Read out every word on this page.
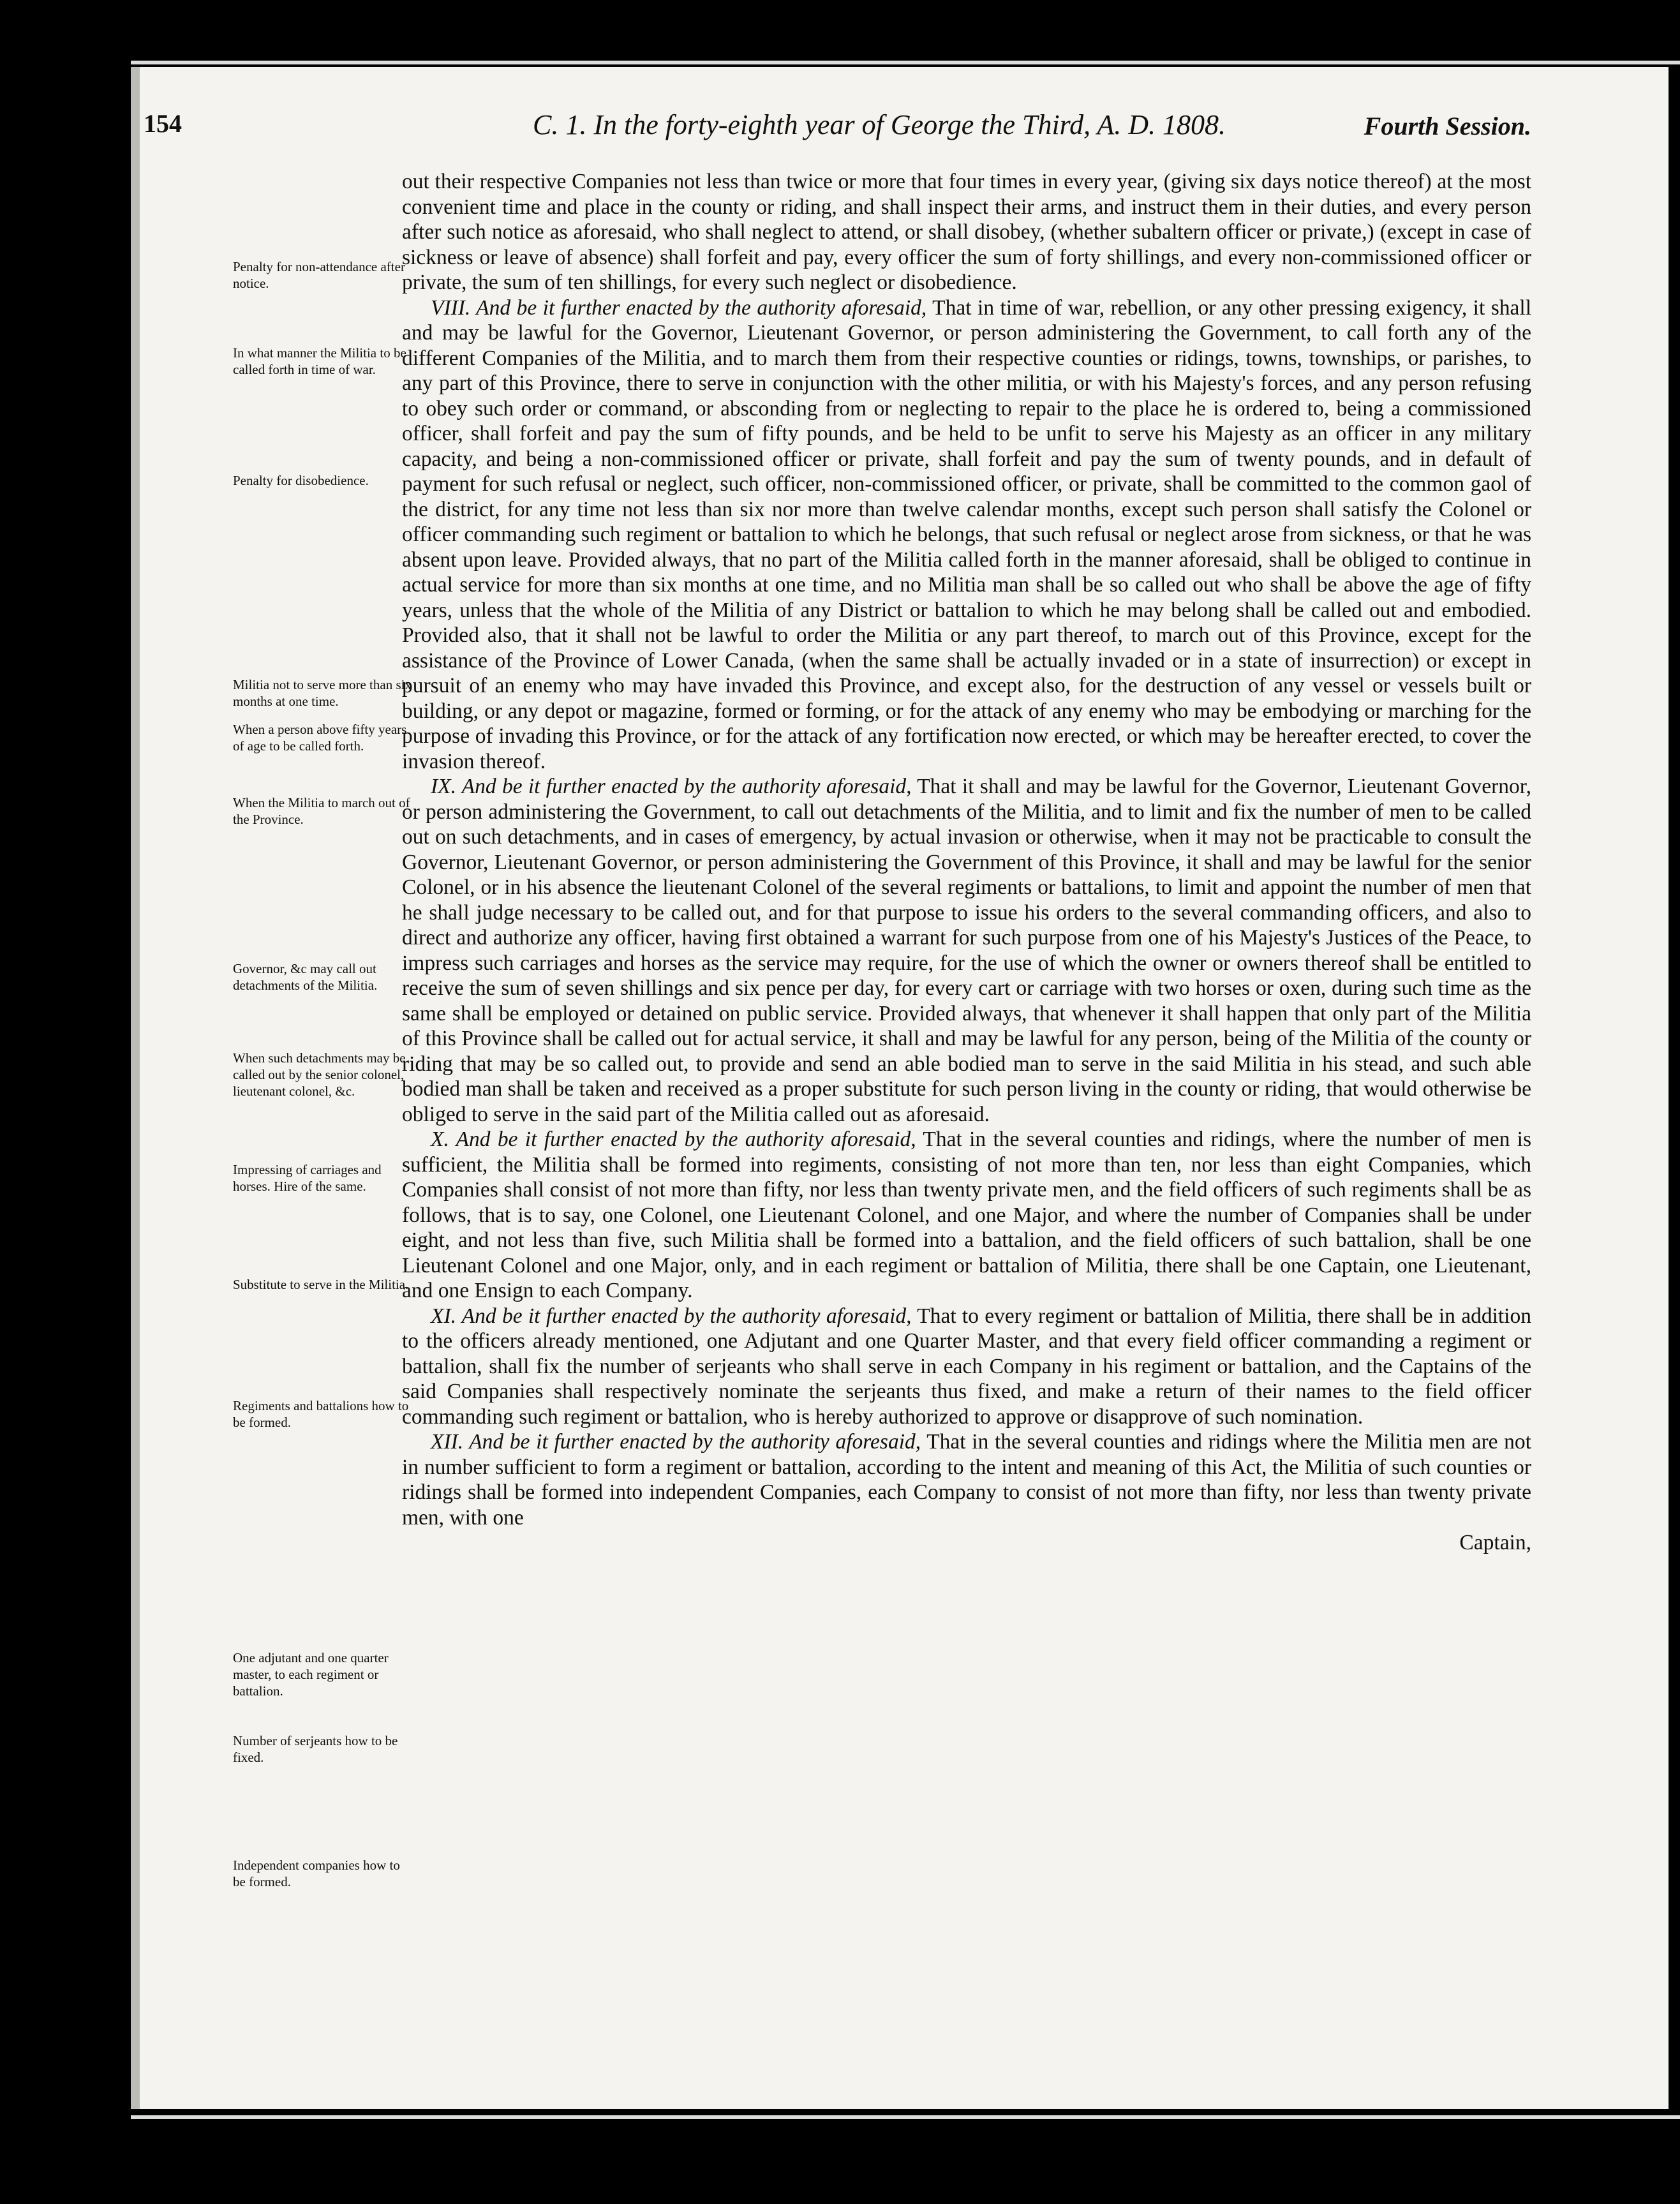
154	C. 1. In the forty-eighth year of George the Third, A. D. 1808.	Fourth Session.
Penalty for non-attendance after notice.
In what manner the Militia to be called forth in time of war.
Penalty for disobedience.
Militia not to serve more than six months at one time.
When a person above fifty years of age to be called forth.
When the Militia to march out of the Province.
Governor, &c may call out detachments of the Militia.
When such detachments may be called out by the senior colonel, lieutenant colonel, &c.
Impressing of carriages and horses. Hire of the same.
Substitute to serve in the Militia.
Regiments and battalions how to be formed.
One adjutant and one quarter master, to each regiment or battalion.
Number of serjeants how to be fixed.
Independent companies how to be formed.

out their respective Companies not less than twice or more that four times in every year, (giving six days notice thereof) at the most convenient time and place in the county or riding, and shall inspect their arms, and instruct them in their duties, and every person after such notice as aforesaid, who shall neglect to attend, or shall disobey, (whether subaltern officer or private,) (except in case of sickness or leave of absence) shall forfeit and pay, every officer the sum of forty shillings, and every non-commissioned officer or private, the sum of ten shillings, for every such neglect or disobedience.

VIII. And be it further enacted by the authority aforesaid, That in time of war, rebellion, or any other pressing exigency, it shall and may be lawful for the Governor, Lieutenant Governor, or person administering the Government, to call forth any of the different Companies of the Militia, and to march them from their respective counties or ridings, towns, townships, or parishes, to any part of this Province, there to serve in conjunction with the other militia, or with his Majesty's forces, and any person refusing to obey such order or command, or absconding from or neglecting to repair to the place he is ordered to, being a commissioned officer, shall forfeit and pay the sum of fifty pounds, and be held to be unfit to serve his Majesty as an officer in any military capacity, and being a non-commissioned officer or private, shall forfeit and pay the sum of twenty pounds, and in default of payment for such refusal or neglect, such officer, non-commissioned officer, or private, shall be committed to the common gaol of the district, for any time not less than six nor more than twelve calendar months, except such person shall satisfy the Colonel or officer commanding such regiment or battalion to which he belongs, that such refusal or neglect arose from sickness, or that he was absent upon leave. Provided always, that no part of the Militia called forth in the manner aforesaid, shall be obliged to continue in actual service for more than six months at one time, and no Militia man shall be so called out who shall be above the age of fifty years, unless that the whole of the Militia of any District or battalion to which he may belong shall be called out and embodied. Provided also, that it shall not be lawful to order the Militia or any part thereof, to march out of this Province, except for the assistance of the Province of Lower Canada, (when the same shall be actually invaded or in a state of insurrection) or except in pursuit of an enemy who may have invaded this Province, and except also, for the destruction of any vessel or vessels built or building, or any depot or magazine, formed or forming, or for the attack of any enemy who may be embodying or marching for the purpose of invading this Province, or for the attack of any fortification now erected, or which may be hereafter erected, to cover the invasion thereof.

IX. And be it further enacted by the authority aforesaid, That it shall and may be lawful for the Governor, Lieutenant Governor, or person administering the Government, to call out detachments of the Militia, and to limit and fix the number of men to be called out on such detachments, and in cases of emergency, by actual invasion or otherwise, when it may not be practicable to consult the Governor, Lieutenant Governor, or person administering the Government of this Province, it shall and may be lawful for the senior Colonel, or in his absence the lieutenant Colonel of the several regiments or battalions, to limit and appoint the number of men that he shall judge necessary to be called out, and for that purpose to issue his orders to the several commanding officers, and also to direct and authorize any officer, having first obtained a warrant for such purpose from one of his Majesty's Justices of the Peace, to impress such carriages and horses as the service may require, for the use of which the owner or owners thereof shall be entitled to receive the sum of seven shillings and six pence per day, for every cart or carriage with two horses or oxen, during such time as the same shall be employed or detained on public service. Provided always, that whenever it shall happen that only part of the Militia of this Province shall be called out for actual service, it shall and may be lawful for any person, being of the Militia of the county or riding that may be so called out, to provide and send an able bodied man to serve in the said Militia in his stead, and such able bodied man shall be taken and received as a proper substitute for such person living in the county or riding, that would otherwise be obliged to serve in the said part of the Militia called out as aforesaid.

X. And be it further enacted by the authority aforesaid, That in the several counties and ridings, where the number of men is sufficient, the Militia shall be formed into regiments, consisting of not more than ten, nor less than eight Companies, which Companies shall consist of not more than fifty, nor less than twenty private men, and the field officers of such regiments shall be as follows, that is to say, one Colonel, one Lieutenant Colonel, and one Major, and where the number of Companies shall be under eight, and not less than five, such Militia shall be formed into a battalion, and the field officers of such battalion, shall be one Lieutenant Colonel and one Major, only, and in each regiment or battalion of Militia, there shall be one Captain, one Lieutenant, and one Ensign to each Company.

XI. And be it further enacted by the authority aforesaid, That to every regiment or battalion of Militia, there shall be in addition to the officers already mentioned, one Adjutant and one Quarter Master, and that every field officer commanding a regiment or battalion, shall fix the number of serjeants who shall serve in each Company in his regiment or battalion, and the Captains of the said Companies shall respectively nominate the serjeants thus fixed, and make a return of their names to the field officer commanding such regiment or battalion, who is hereby authorized to approve or disapprove of such nomination.

XII. And be it further enacted by the authority aforesaid, That in the several counties and ridings where the Militia men are not in number sufficient to form a regiment or battalion, according to the intent and meaning of this Act, the Militia of such counties or ridings shall be formed into independent Companies, each Company to consist of not more than fifty, nor less than twenty private men, with one

Captain,
